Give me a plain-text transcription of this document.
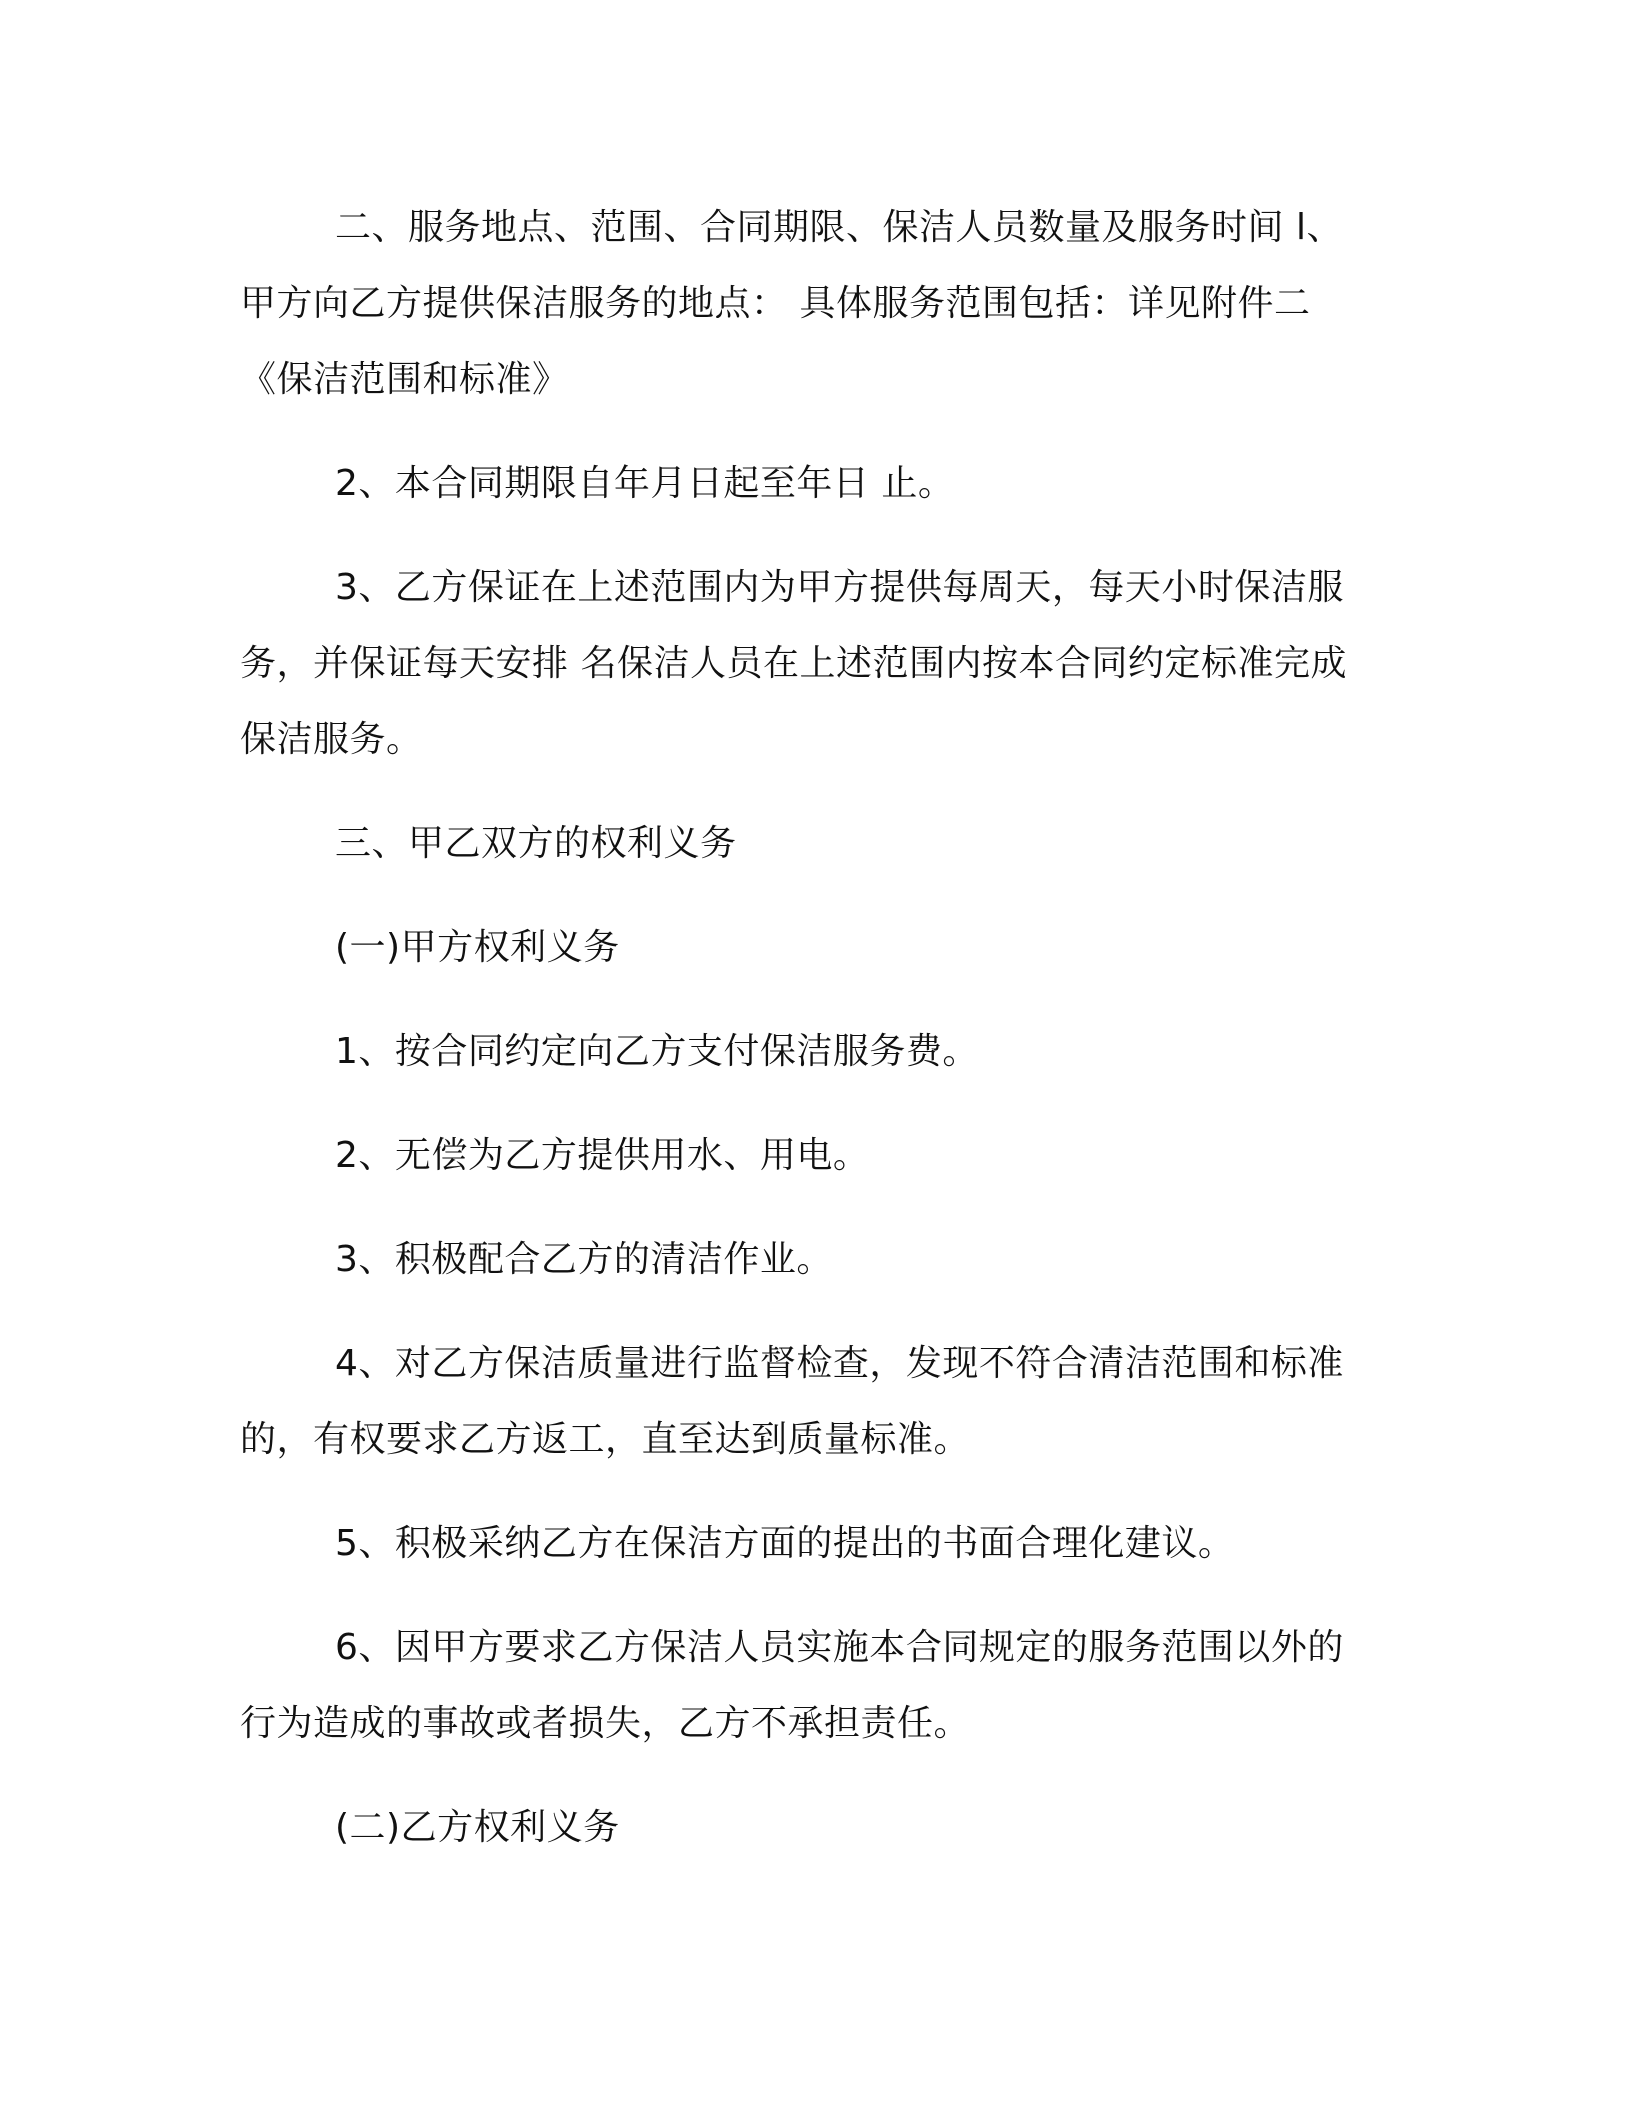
二、服务地点、范围、合同期限、保洁人员数量及服务时间 l、甲方向乙方提供保洁服务的地点： 具体服务范围包括：详见附件二《保洁范围和标准》

2、本合同期限自年月日起至年日 止。

3、乙方保证在上述范围内为甲方提供每周天，每天小时保洁服务，并保证每天安排 名保洁人员在上述范围内按本合同约定标准完成保洁服务。

三、甲乙双方的权利义务

(一)甲方权利义务

1、按合同约定向乙方支付保洁服务费。

2、无偿为乙方提供用水、用电。

3、积极配合乙方的清洁作业。

4、对乙方保洁质量进行监督检查，发现不符合清洁范围和标准的，有权要求乙方返工，直至达到质量标准。

5、积极采纳乙方在保洁方面的提出的书面合理化建议。

6、因甲方要求乙方保洁人员实施本合同规定的服务范围以外的行为造成的事故或者损失，乙方不承担责任。

(二)乙方权利义务
